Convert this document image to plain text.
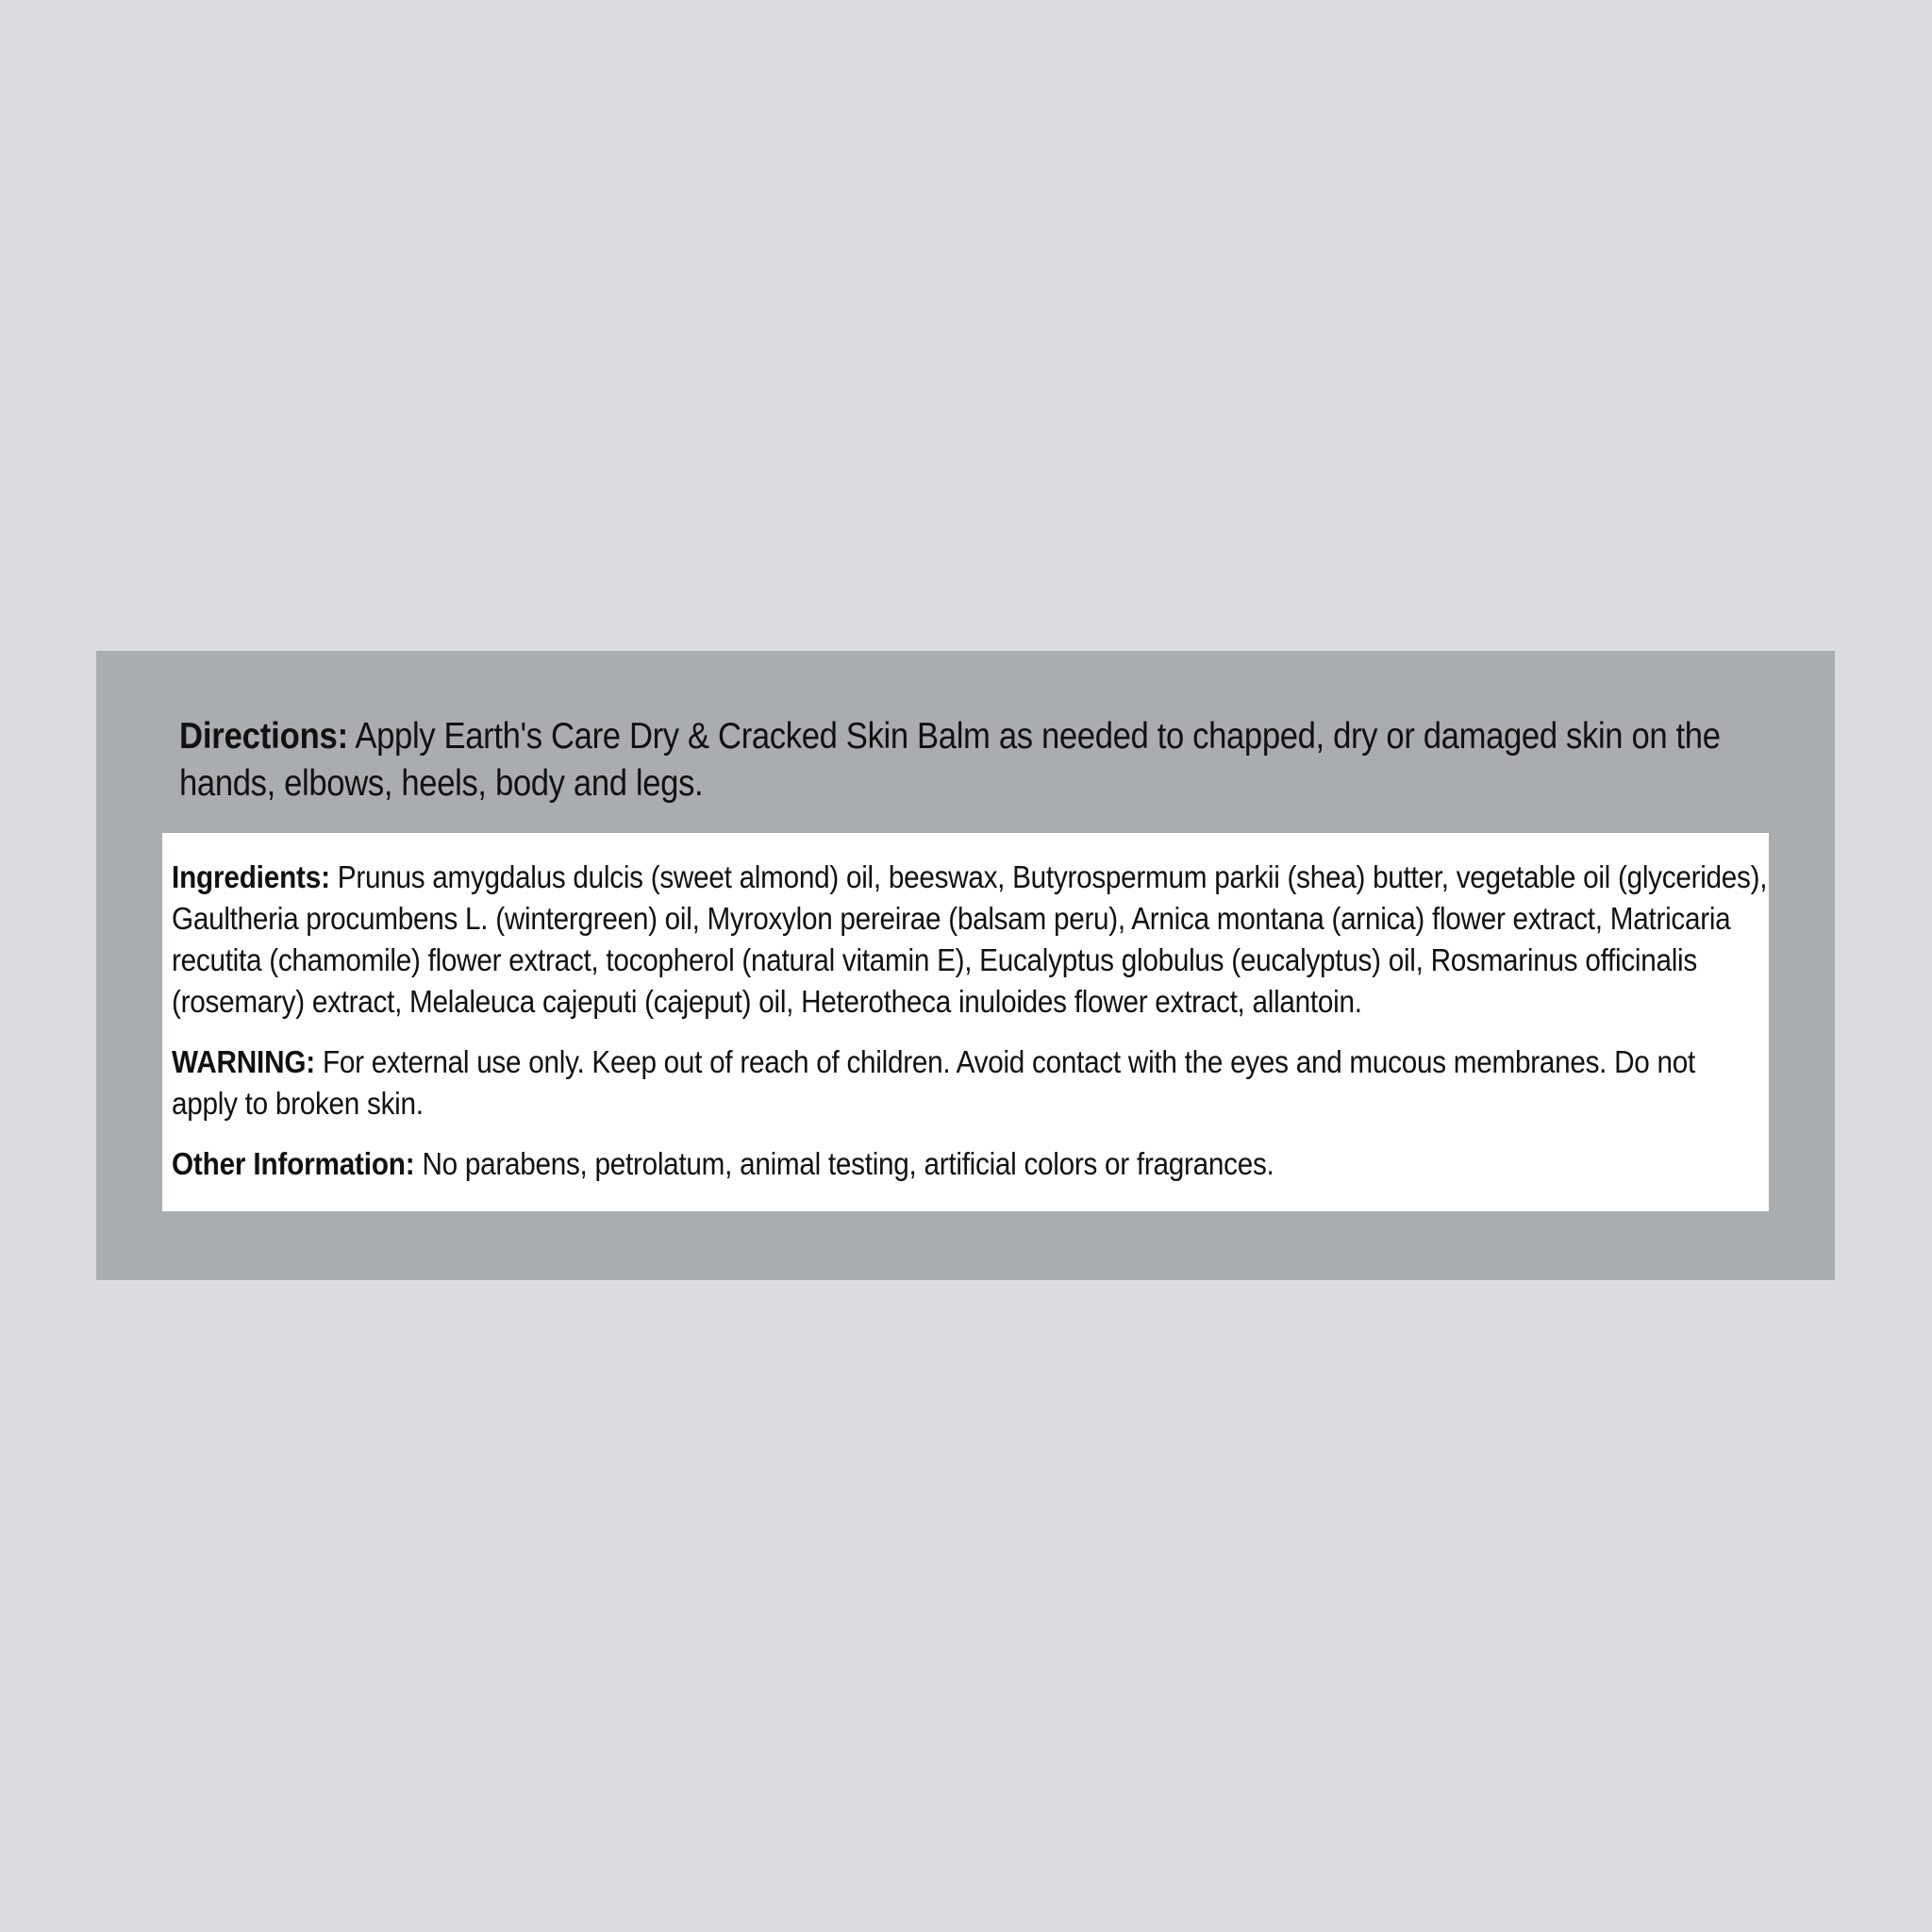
Directions: Apply Earth's Care Dry & Cracked Skin Balm as needed to chapped, dry or damaged skin on the hands, elbows, heels, body and legs.

Ingredients: Prunus amygdalus dulcis (sweet almond) oil, beeswax, Butyrospermum parkii (shea) butter, vegetable oil (glycerides), Gaultheria procumbens L. (wintergreen) oil, Myroxylon pereirae (balsam peru), Arnica montana (arnica) flower extract, Matricaria recutita (chamomile) flower extract, tocopherol (natural vitamin E), Eucalyptus globulus (eucalyptus) oil, Rosmarinus officinalis (rosemary) extract, Melaleuca cajeputi (cajeput) oil, Heterotheca inuloides flower extract, allantoin.

WARNING: For external use only. Keep out of reach of children. Avoid contact with the eyes and mucous membranes. Do not apply to broken skin.

Other Information: No parabens, petrolatum, animal testing, artificial colors or fragrances.
